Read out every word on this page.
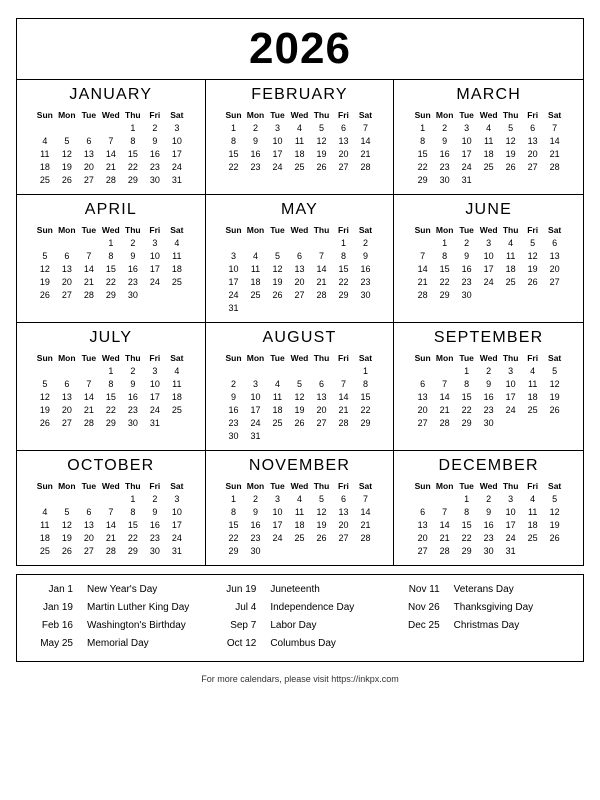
2026
JANUARY
Sun	Mon	Tue	Wed	Thu	Fri	Sat
				1	2	3
4	5	6	7	8	9	10
11	12	13	14	15	16	17
18	19	20	21	22	23	24
25	26	27	28	29	30	31
FEBRUARY
Sun	Mon	Tue	Wed	Thu	Fri	Sat
1	2	3	4	5	6	7
8	9	10	11	12	13	14
15	16	17	18	19	20	21
22	23	24	25	26	27	28
MARCH
Sun	Mon	Tue	Wed	Thu	Fri	Sat
1	2	3	4	5	6	7
8	9	10	11	12	13	14
15	16	17	18	19	20	21
22	23	24	25	26	27	28
29	30	31				
APRIL
Sun	Mon	Tue	Wed	Thu	Fri	Sat
			1	2	3	4
5	6	7	8	9	10	11
12	13	14	15	16	17	18
19	20	21	22	23	24	25
26	27	28	29	30		
MAY
Sun	Mon	Tue	Wed	Thu	Fri	Sat
					1	2
3	4	5	6	7	8	9
10	11	12	13	14	15	16
17	18	19	20	21	22	23
24	25	26	27	28	29	30
31						
JUNE
Sun	Mon	Tue	Wed	Thu	Fri	Sat
	1	2	3	4	5	6
7	8	9	10	11	12	13
14	15	16	17	18	19	20
21	22	23	24	25	26	27
28	29	30				
JULY
Sun	Mon	Tue	Wed	Thu	Fri	Sat
			1	2	3	4
5	6	7	8	9	10	11
12	13	14	15	16	17	18
19	20	21	22	23	24	25
26	27	28	29	30	31	
AUGUST
Sun	Mon	Tue	Wed	Thu	Fri	Sat
						1
2	3	4	5	6	7	8
9	10	11	12	13	14	15
16	17	18	19	20	21	22
23	24	25	26	27	28	29
30	31					
SEPTEMBER
Sun	Mon	Tue	Wed	Thu	Fri	Sat
		1	2	3	4	5
6	7	8	9	10	11	12
13	14	15	16	17	18	19
20	21	22	23	24	25	26
27	28	29	30			
OCTOBER
Sun	Mon	Tue	Wed	Thu	Fri	Sat
				1	2	3
4	5	6	7	8	9	10
11	12	13	14	15	16	17
18	19	20	21	22	23	24
25	26	27	28	29	30	31
NOVEMBER
Sun	Mon	Tue	Wed	Thu	Fri	Sat
1	2	3	4	5	6	7
8	9	10	11	12	13	14
15	16	17	18	19	20	21
22	23	24	25	26	27	28
29	30					
DECEMBER
Sun	Mon	Tue	Wed	Thu	Fri	Sat
		1	2	3	4	5
6	7	8	9	10	11	12
13	14	15	16	17	18	19
20	21	22	23	24	25	26
27	28	29	30	31		
Jan 1	New Year's Day	Jun 19	Juneteenth	Nov 11	Veterans Day
Jan 19	Martin Luther King Day	Jul 4	Independence Day	Nov 26	Thanksgiving Day
Feb 16	Washington's Birthday	Sep 7	Labor Day	Dec 25	Christmas Day
May 25	Memorial Day	Oct 12	Columbus Day
For more calendars, please visit https://inkpx.com
